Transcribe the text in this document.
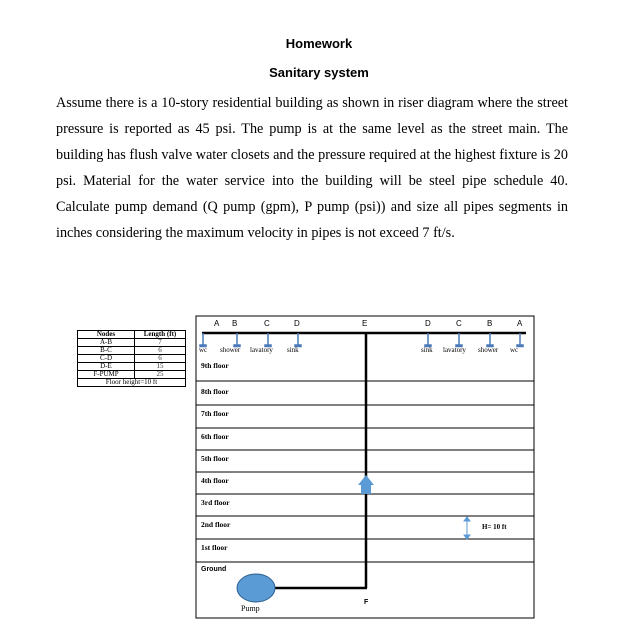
Homework
Sanitary system

Assume there is a 10-story residential building as shown in riser diagram where the street pressure is reported as 45 psi. The pump is at the same level as the street main. The building has flush valve water closets and the pressure required at the highest fixture is 20 psi. Material for the water service into the building will be steel pipe schedule 40. Calculate pump demand (Q pump (gpm), P pump (psi)) and size all pipes segments in inches considering the maximum velocity in pipes is not exceed 7 ft/s.

Nodes	Length (ft)
A-B	7
B-C	6
C-D	6
D-E	15
F-PUMP	25
Floor height=10 ft	
A B	C	D	E	D	C	B	A
wc shower lavatory sink	sink lavatory shower wc
9th floor
8th floor
7th floor
6th floor
5th floor
4th floor
3rd floor
2nd floor
1st floor
Ground
H= 10 ft
F
Pump
